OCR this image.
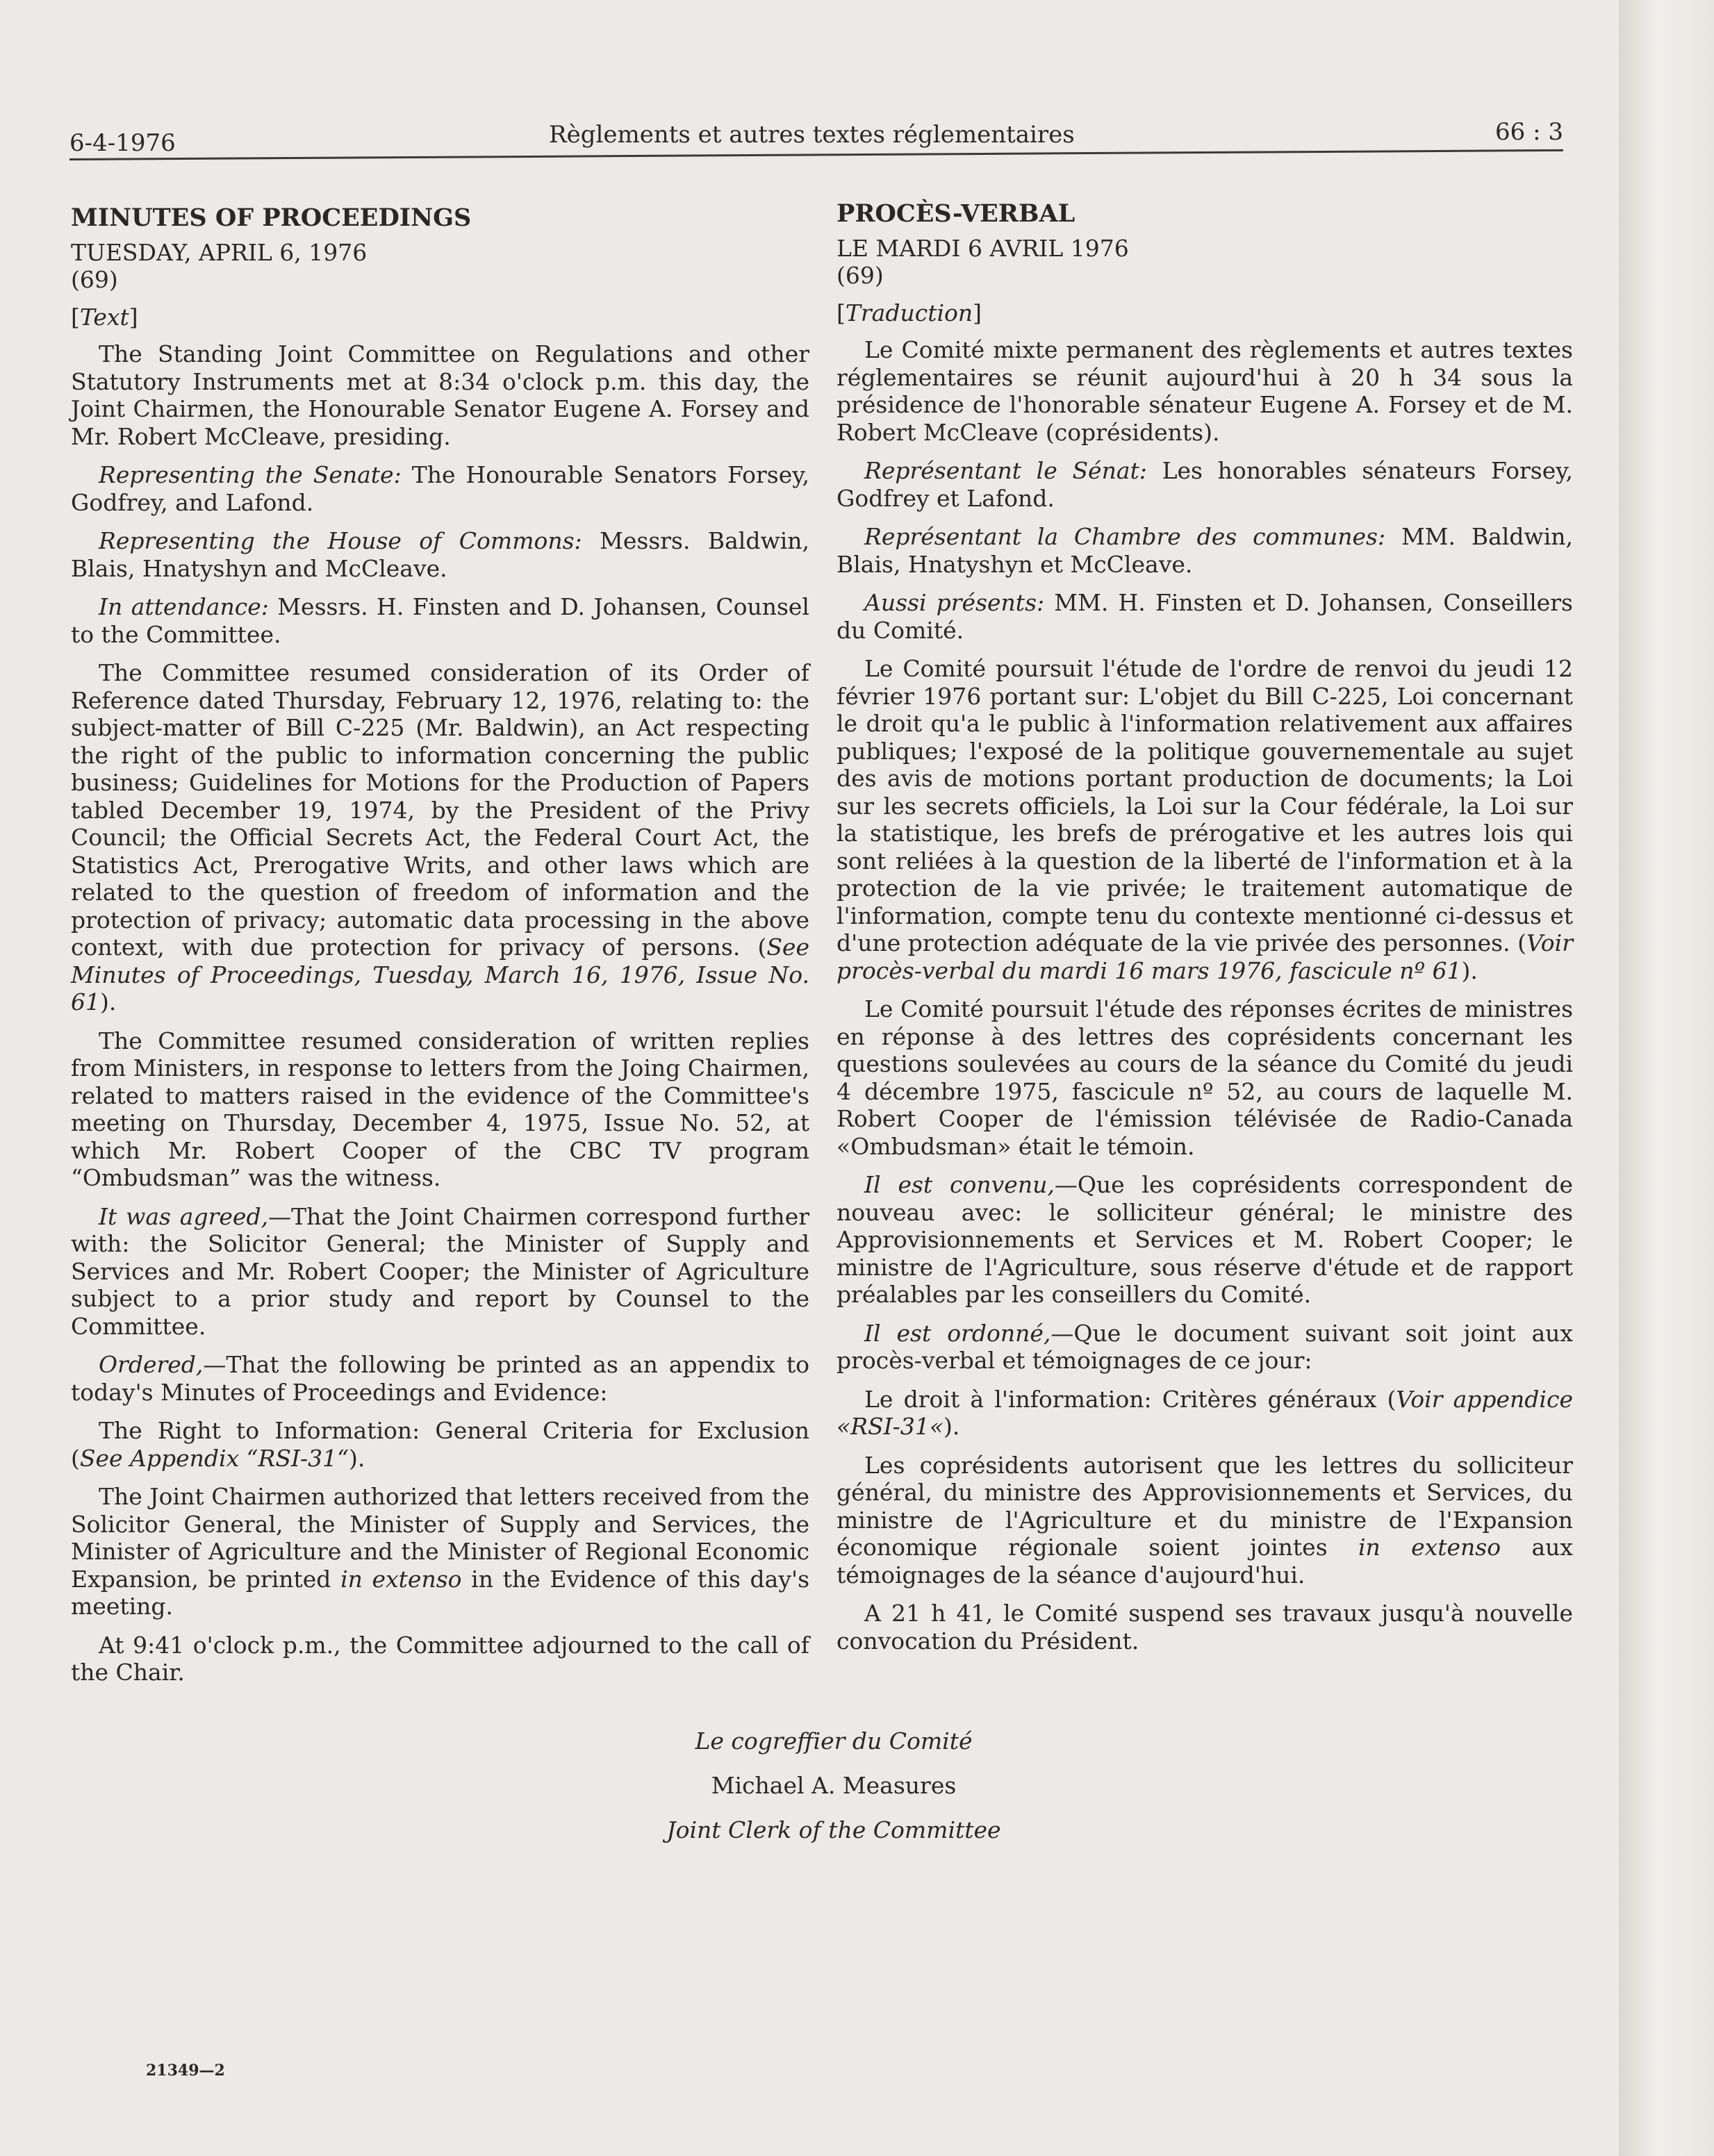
6-4-1976	Règlements et autres textes réglementaires	66 : 3

MINUTES OF PROCEEDINGS

TUESDAY, APRIL 6, 1976

(69)

[Text]

The Standing Joint Committee on Regulations and other Statutory Instruments met at 8:34 o'clock p.m. this day, the Joint Chairmen, the Honourable Senator Eugene A. Forsey and Mr. Robert McCleave, presiding.

Representing the Senate: The Honourable Senators Forsey, Godfrey, and Lafond.

Representing the House of Commons: Messrs. Baldwin, Blais, Hnatyshyn and McCleave.

In attendance: Messrs. H. Finsten and D. Johansen, Counsel to the Committee.

The Committee resumed consideration of its Order of Reference dated Thursday, February 12, 1976, relating to: the subject-matter of Bill C-225 (Mr. Baldwin), an Act respecting the right of the public to information concerning the public business; Guidelines for Motions for the Production of Papers tabled December 19, 1974, by the President of the Privy Council; the Official Secrets Act, the Federal Court Act, the Statistics Act, Prerogative Writs, and other laws which are related to the question of freedom of information and the protection of privacy; automatic data processing in the above context, with due protection for privacy of persons. (See Minutes of Proceedings, Tuesday, March 16, 1976, Issue No. 61).

The Committee resumed consideration of written replies from Ministers, in response to letters from the Joing Chairmen, related to matters raised in the evidence of the Committee's meeting on Thursday, December 4, 1975, Issue No. 52, at which Mr. Robert Cooper of the CBC TV program “Ombudsman” was the witness.

It was agreed,—That the Joint Chairmen correspond further with: the Solicitor General; the Minister of Supply and Services and Mr. Robert Cooper; the Minister of Agriculture subject to a prior study and report by Counsel to the Committee.

Ordered,—That the following be printed as an appendix to today's Minutes of Proceedings and Evidence:

The Right to Information: General Criteria for Exclusion (See Appendix “RSI-31“).

The Joint Chairmen authorized that letters received from the Solicitor General, the Minister of Supply and Services, the Minister of Agriculture and the Minister of Regional Economic Expansion, be printed in extenso in the Evidence of this day's meeting.

At 9:41 o'clock p.m., the Committee adjourned to the call of the Chair.

PROCÈS-VERBAL

LE MARDI 6 AVRIL 1976

(69)

[Traduction]

Le Comité mixte permanent des règlements et autres textes réglementaires se réunit aujourd'hui à 20 h 34 sous la présidence de l'honorable sénateur Eugene A. Forsey et de M. Robert McCleave (coprésidents).

Représentant le Sénat: Les honorables sénateurs Forsey, Godfrey et Lafond.

Représentant la Chambre des communes: MM. Baldwin, Blais, Hnatyshyn et McCleave.

Aussi présents: MM. H. Finsten et D. Johansen, Conseillers du Comité.

Le Comité poursuit l'étude de l'ordre de renvoi du jeudi 12 février 1976 portant sur: L'objet du Bill C-225, Loi concernant le droit qu'a le public à l'information relativement aux affaires publiques; l'exposé de la politique gouvernementale au sujet des avis de motions portant production de documents; la Loi sur les secrets officiels, la Loi sur la Cour fédérale, la Loi sur la statistique, les brefs de prérogative et les autres lois qui sont reliées à la question de la liberté de l'information et à la protection de la vie privée; le traitement automatique de l'information, compte tenu du contexte mentionné ci-dessus et d'une protection adéquate de la vie privée des personnes. (Voir procès-verbal du mardi 16 mars 1976, fascicule nº 61).

Le Comité poursuit l'étude des réponses écrites de ministres en réponse à des lettres des coprésidents concernant les questions soulevées au cours de la séance du Comité du jeudi 4 décembre 1975, fascicule nº 52, au cours de laquelle M. Robert Cooper de l'émission télévisée de Radio-Canada «Ombudsman» était le témoin.

Il est convenu,—Que les coprésidents correspondent de nouveau avec: le solliciteur général; le ministre des Approvisionnements et Services et M. Robert Cooper; le ministre de l'Agriculture, sous réserve d'étude et de rapport préalables par les conseillers du Comité.

Il est ordonné,—Que le document suivant soit joint aux procès-verbal et témoignages de ce jour:

Le droit à l'information: Critères généraux (Voir appendice «RSI-31«).

Les coprésidents autorisent que les lettres du solliciteur général, du ministre des Approvisionnements et Services, du ministre de l'Agriculture et du ministre de l'Expansion économique régionale soient jointes in extenso aux témoignages de la séance d'aujourd'hui.

A 21 h 41, le Comité suspend ses travaux jusqu'à nouvelle convocation du Président.

Le cogreffier du Comité
Michael A. Measures
Joint Clerk of the Committee
21349—2
